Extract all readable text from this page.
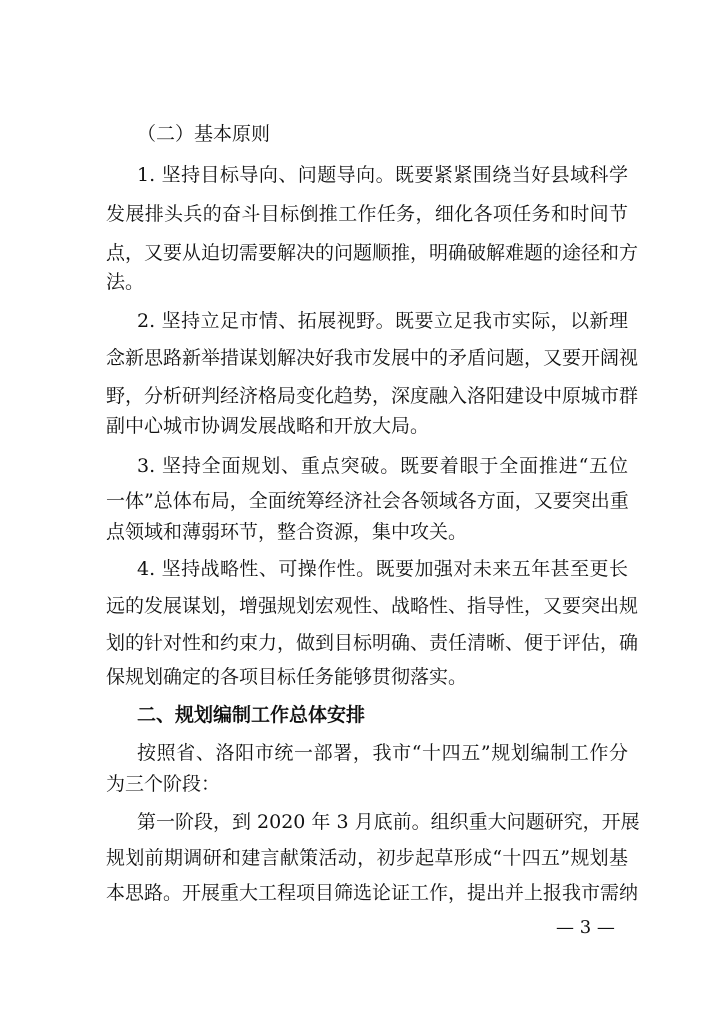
（二）基本原则
1. 坚持目标导向、问题导向。既要紧紧围绕当好县域科学
发展排头兵的奋斗目标倒推工作任务，细化各项任务和时间节
点，又要从迫切需要解决的问题顺推，明确破解难题的途径和方
法。
2. 坚持立足市情、拓展视野。既要立足我市实际，以新理
念新思路新举措谋划解决好我市发展中的矛盾问题，又要开阔视
野，分析研判经济格局变化趋势，深度融入洛阳建设中原城市群
副中心城市协调发展战略和开放大局。
3. 坚持全面规划、重点突破。既要着眼于全面推进“五位
一体”总体布局，全面统筹经济社会各领域各方面，又要突出重
点领域和薄弱环节，整合资源，集中攻关。
4. 坚持战略性、可操作性。既要加强对未来五年甚至更长
远的发展谋划，增强规划宏观性、战略性、指导性，又要突出规
划的针对性和约束力，做到目标明确、责任清晰、便于评估，确
保规划确定的各项目标任务能够贯彻落实。
二、规划编制工作总体安排
按照省、洛阳市统一部署，我市“十四五”规划编制工作分
为三个阶段：
第一阶段，到 2020 年 3 月底前。组织重大问题研究，开展
规划前期调研和建言献策活动，初步起草形成“十四五”规划基
本思路。开展重大工程项目筛选论证工作，提出并上报我市需纳
— 3 —
